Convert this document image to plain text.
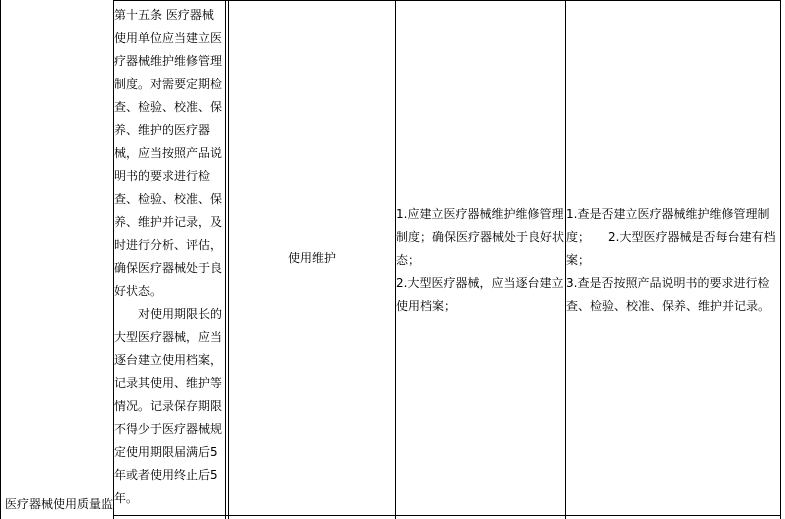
医疗器械使用质量监
第十五条 医疗器械
使用单位应当建立医
疗器械维护维修管理
制度。对需要定期检
查、检验、校准、保
养、维护的医疗器
械，应当按照产品说
明书的要求进行检
查、检验、校准、保
养、维护并记录，及
时进行分析、评估，
确保医疗器械处于良
好状态。
　　对使用期限长的
大型医疗器械，应当
逐台建立使用档案，
记录其使用、维护等
情况。记录保存期限
不得少于医疗器械规
定使用期限届满后5
年或者使用终止后5
年。
使用维护
1.应建立医疗器械维护维修管理
制度；确保医疗器械处于良好状
态；
2.大型医疗器械，应当逐台建立
使用档案；
1.查是否建立医疗器械维护维修管理制
度；　　2.大型医疗器械是否每台建有档
案；
3.查是否按照产品说明书的要求进行检
查、检验、校准、保养、维护并记录。
